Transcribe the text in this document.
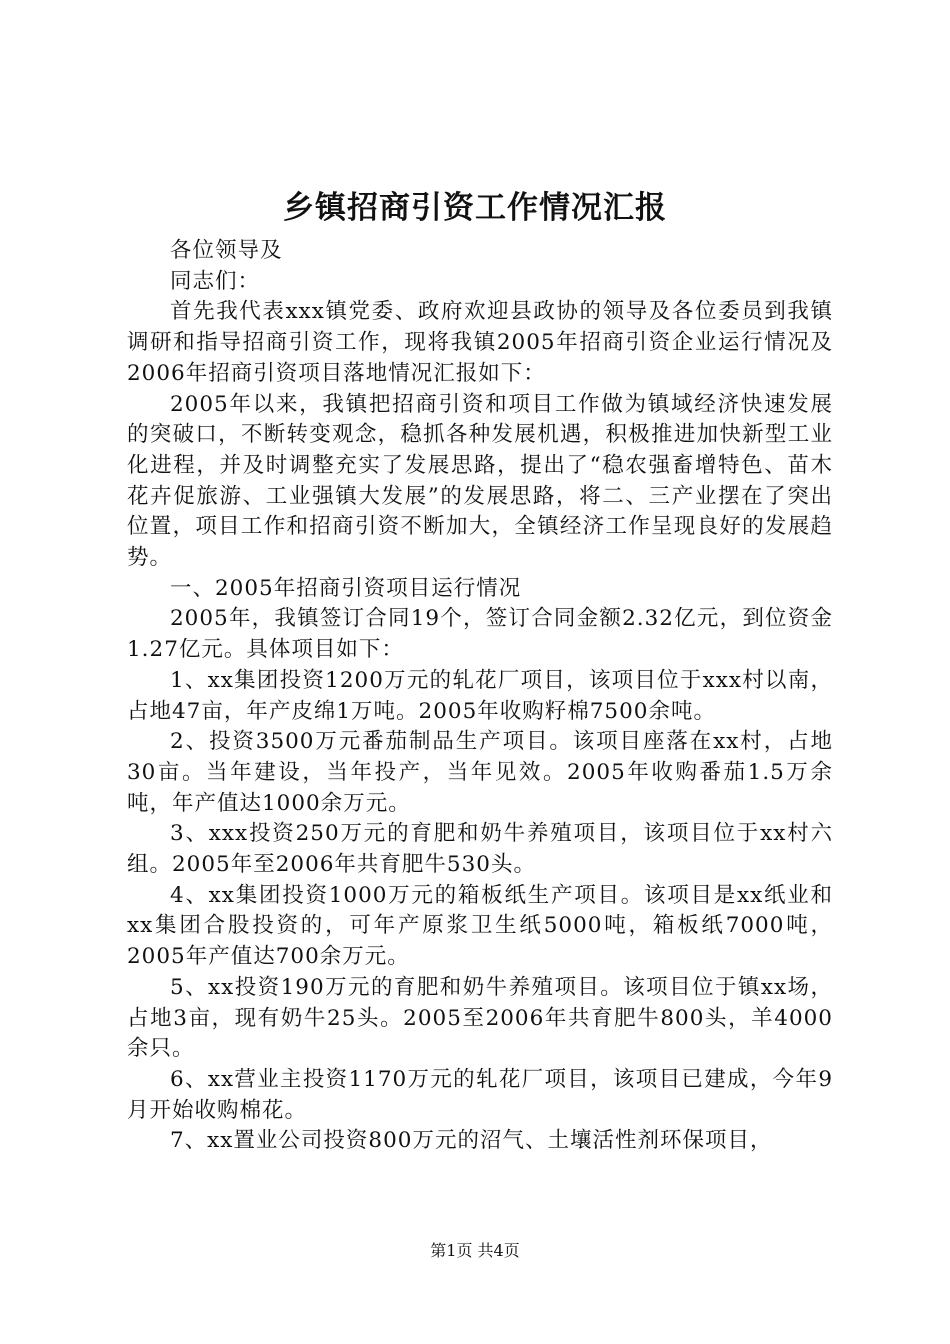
乡镇招商引资工作情况汇报

各位领导及

同志们：

首先我代表xxx镇党委、政府欢迎县政协的领导及各位委员到我镇调研和指导招商引资工作，现将我镇2005年招商引资企业运行情况及2006年招商引资项目落地情况汇报如下：

2005年以来，我镇把招商引资和项目工作做为镇域经济快速发展的突破口，不断转变观念，稳抓各种发展机遇，积极推进加快新型工业化进程，并及时调整充实了发展思路，提出了“稳农强畜增特色、苗木花卉促旅游、工业强镇大发展”的发展思路，将二、三产业摆在了突出位置，项目工作和招商引资不断加大，全镇经济工作呈现良好的发展趋势。

一、2005年招商引资项目运行情况

2005年，我镇签订合同19个，签订合同金额2.32亿元，到位资金1.27亿元。具体项目如下：

1、xx集团投资1200万元的轧花厂项目，该项目位于xxx村以南，占地47亩，年产皮绵1万吨。2005年收购籽棉7500余吨。

2、投资3500万元番茄制品生产项目。该项目座落在xx村，占地30亩。当年建设，当年投产，当年见效。2005年收购番茄1.5万余吨，年产值达1000余万元。

3、xxx投资250万元的育肥和奶牛养殖项目，该项目位于xx村六组。2005年至2006年共育肥牛530头。

4、xx集团投资1000万元的箱板纸生产项目。该项目是xx纸业和xx集团合股投资的，可年产原浆卫生纸5000吨，箱板纸7000吨，2005年产值达700余万元。

5、xx投资190万元的育肥和奶牛养殖项目。该项目位于镇xx场，占地3亩，现有奶牛25头。2005至2006年共育肥牛800头，羊4000余只。

6、xx营业主投资1170万元的轧花厂项目，该项目已建成，今年9月开始收购棉花。

7、xx置业公司投资800万元的沼气、土壤活性剂环保项目，

第1页 共4页
